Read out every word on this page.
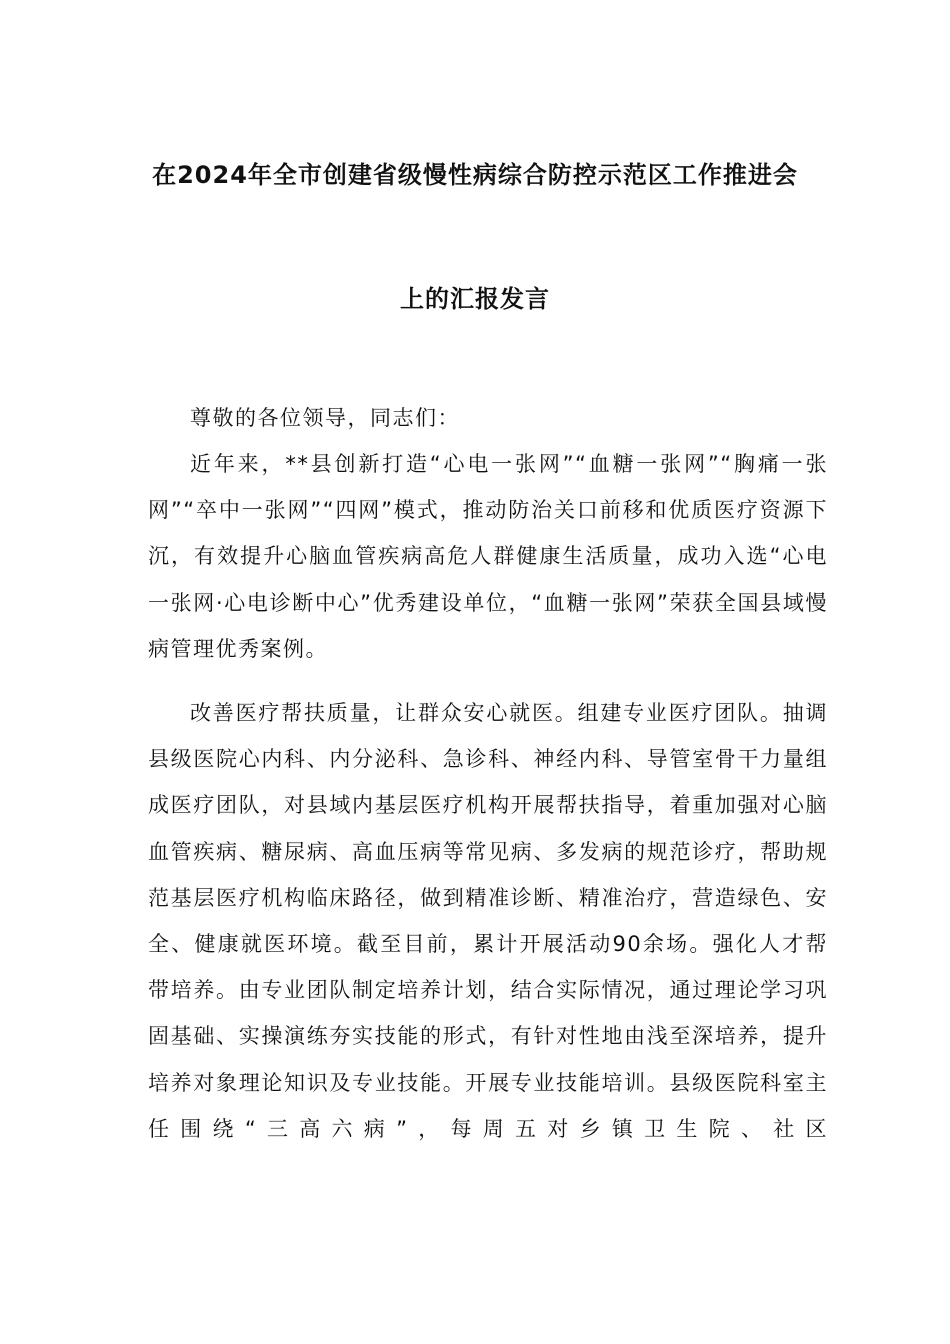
在2024年全市创建省级慢性病综合防控示范区工作推进会
上的汇报发言

尊敬的各位领导，同志们：

近年来，**县创新打造“心电一张网”“血糖一张网”“胸痛一张网”“卒中一张网”“四网”模式，推动防治关口前移和优质医疗资源下沉，有效提升心脑血管疾病高危人群健康生活质量，成功入选“心电一张网·心电诊断中心”优秀建设单位，“血糖一张网”荣获全国县域慢病管理优秀案例。

改善医疗帮扶质量，让群众安心就医。组建专业医疗团队。抽调县级医院心内科、内分泌科、急诊科、神经内科、导管室骨干力量组成医疗团队，对县域内基层医疗机构开展帮扶指导，着重加强对心脑血管疾病、糖尿病、高血压病等常见病、多发病的规范诊疗，帮助规范基层医疗机构临床路径，做到精准诊断、精准治疗，营造绿色、安全、健康就医环境。截至目前，累计开展活动90余场。强化人才帮带培养。由专业团队制定培养计划，结合实际情况，通过理论学习巩固基础、实操演练夯实技能的形式，有针对性地由浅至深培养，提升培养对象理论知识及专业技能。开展专业技能培训。县级医院科室主任围绕“三高六病”，每周五对乡镇卫生院、社区
